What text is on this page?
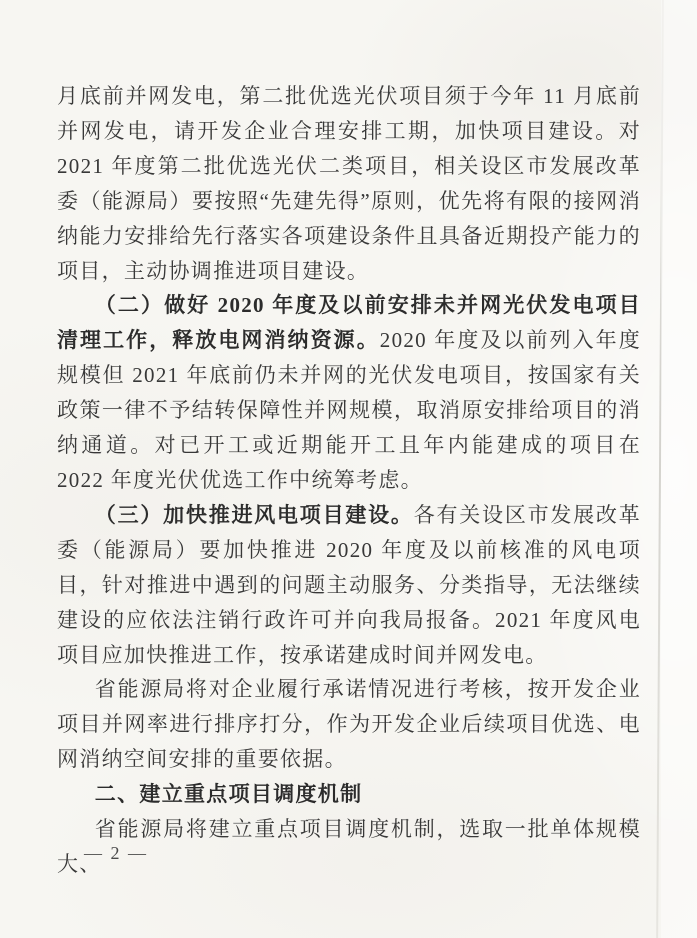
月底前并网发电，第二批优选光伏项目须于今年 11 月底前并网发电，请开发企业合理安排工期，加快项目建设。对 2021 年度第二批优选光伏二类项目，相关设区市发展改革委（能源局）要按照“先建先得”原则，优先将有限的接网消纳能力安排给先行落实各项建设条件且具备近期投产能力的项目，主动协调推进项目建设。

（二）做好 2020 年度及以前安排未并网光伏发电项目清理工作，释放电网消纳资源。2020 年度及以前列入年度规模但 2021 年底前仍未并网的光伏发电项目，按国家有关政策一律不予结转保障性并网规模，取消原安排给项目的消纳通道。对已开工或近期能开工且年内能建成的项目在 2022 年度光伏优选工作中统筹考虑。

（三）加快推进风电项目建设。各有关设区市发展改革委（能源局）要加快推进 2020 年度及以前核准的风电项目，针对推进中遇到的问题主动服务、分类指导，无法继续建设的应依法注销行政许可并向我局报备。2021 年度风电项目应加快推进工作，按承诺建成时间并网发电。

省能源局将对企业履行承诺情况进行考核，按开发企业项目并网率进行排序打分，作为开发企业后续项目优选、电网消纳空间安排的重要依据。

二、建立重点项目调度机制

省能源局将建立重点项目调度机制，选取一批单体规模大、

— 2 —
